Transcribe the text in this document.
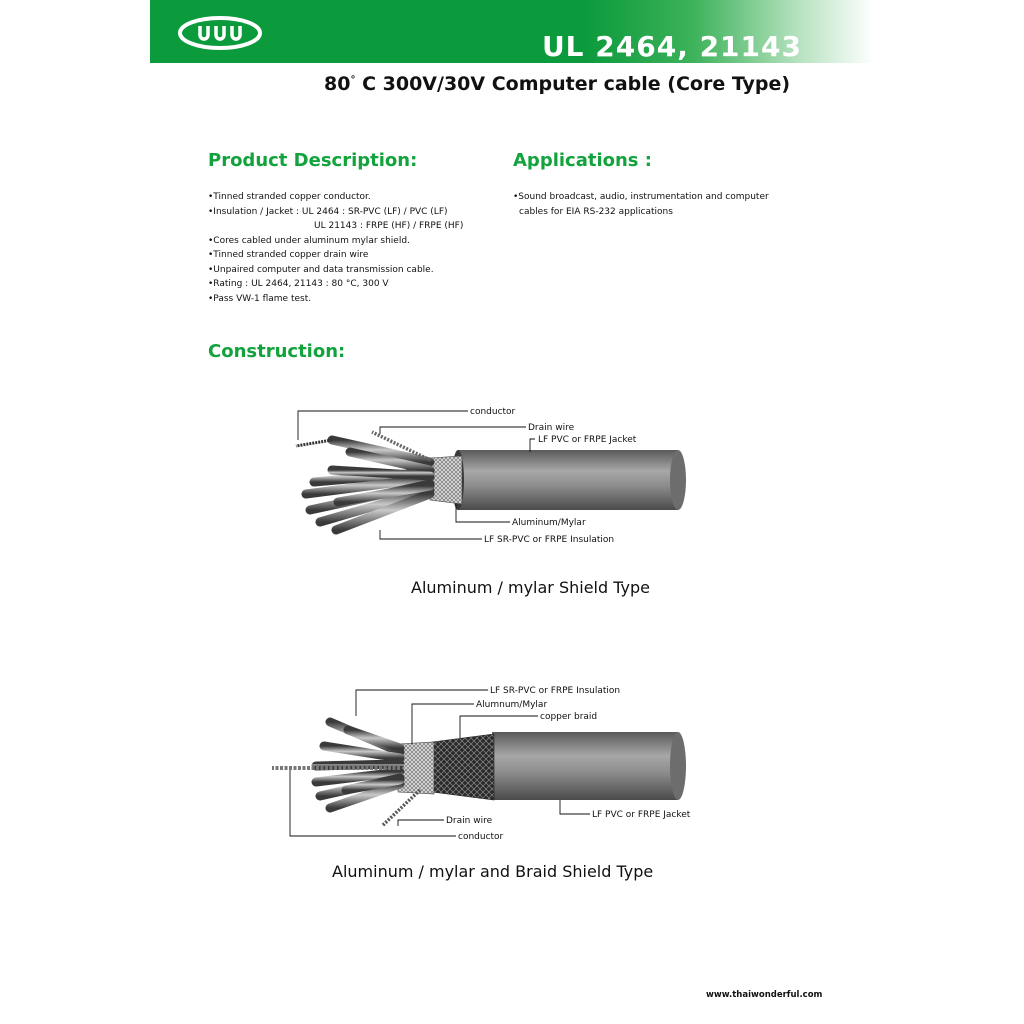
UL 2464, 21143
80° C 300V/30V Computer cable (Core Type)
Product Description:
•Tinned stranded copper conductor.
•Insulation / Jacket : UL 2464 : SR-PVC (LF) / PVC (LF)
UL 21143 : FRPE (HF) / FRPE (HF)
•Cores cabled under aluminum mylar shield.
•Tinned stranded copper drain wire
•Unpaired computer and data transmission cable.
•Rating : UL 2464, 21143 : 80 °C, 300 V
•Pass VW-1 flame test.
Applications :
•Sound broadcast, audio, instrumentation and computer
cables for EIA RS-232 applications
Construction:
conductor
Drain wire
LF PVC or FRPE Jacket
Aluminum/Mylar
LF SR-PVC or FRPE Insulation
Aluminum / mylar Shield Type
LF SR-PVC or FRPE Insulation
Alumnum/Mylar
copper braid
LF PVC or FRPE Jacket
Drain wire
conductor
Aluminum / mylar and Braid Shield Type
www.thaiwonderful.com
